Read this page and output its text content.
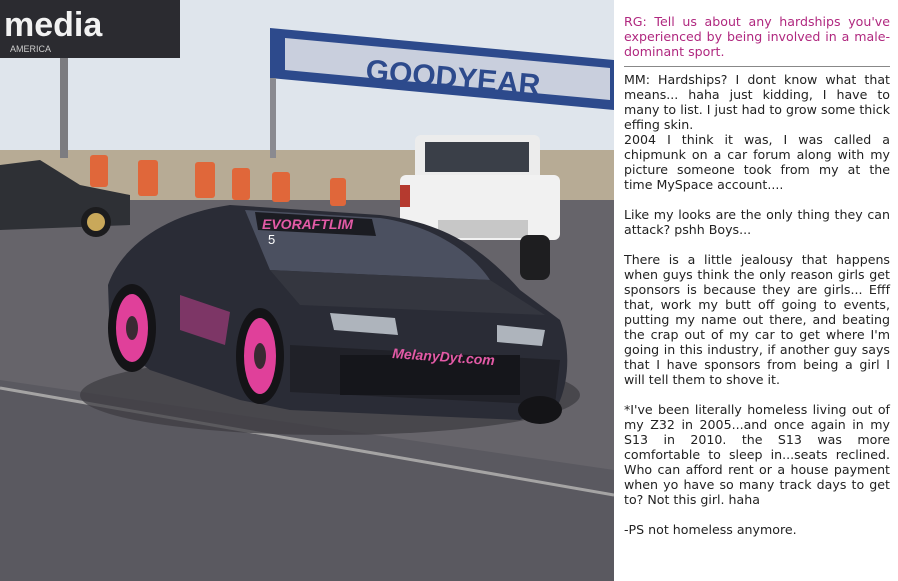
media
AMERICA
GOODYEAR
EVORAFTLIM
5
MelanyDyt.com

RG: Tell us about any hardships you've experienced by being involved in a male-dominant sport.

MM: Hardships? I dont know what that means... haha just kidding, I have to many to list. I just had to grow some thick effing skin.

2004 I think it was, I was called a chipmunk on a car forum along with my picture someone took from my at the time MySpace account....

Like my looks are the only thing they can attack? pshh Boys...

There is a little jealousy that happens when guys think the only reason girls get sponsors is because they are girls... Efff that, work my butt off going to events, putting my name out there, and beating the crap out of my car to get where I'm going in this industry, if another guy says that I have sponsors from being a girl I will tell them to shove it.

*I've been literally homeless living out of my Z32 in 2005...and once again in my S13 in 2010. the S13 was more comfortable to sleep in...seats reclined. Who can afford rent or a house payment when yo have so many track days to get to? Not this girl. haha

-PS not homeless anymore.
